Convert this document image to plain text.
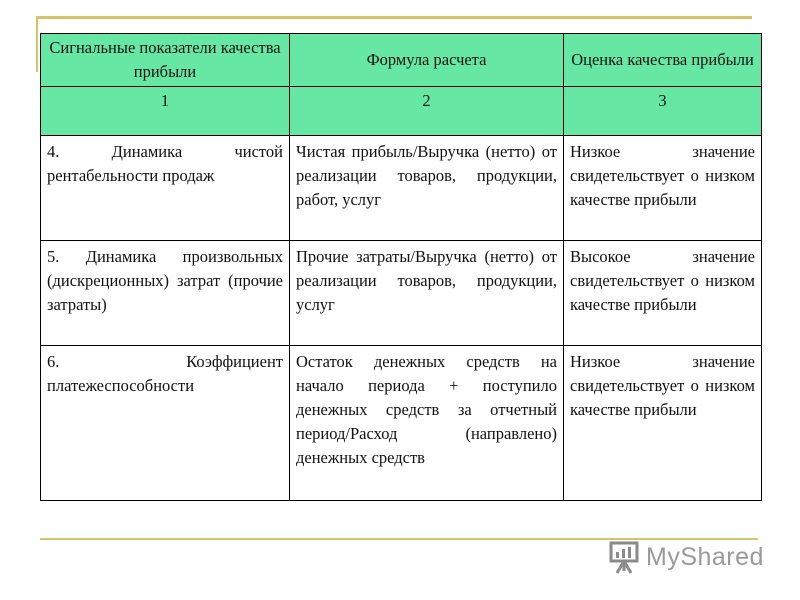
Сигнальные показатели качества прибыли	Формула расчета	Оценка качества прибыли
1	2	3
4. Динамика чистой рентабельности продаж	Чистая прибыль/Выручка (нетто) от реализации товаров, продукции, работ, услуг	Низкое значение свидетельствует о низком качестве прибыли
5. Динамика произвольных (дискреционных) затрат (прочие затраты)	Прочие затраты/Выручка (нетто) от реализации товаров, продукции, услуг	Высокое значение свидетельствует о низком качестве прибыли
6. Коэффициент платежеспособности	Остаток денежных средств на начало периода + поступило денежных средств за отчетный период/Расход (направлено) денежных средств	Низкое значение свидетельствует о низком качестве прибыли
MyShared
